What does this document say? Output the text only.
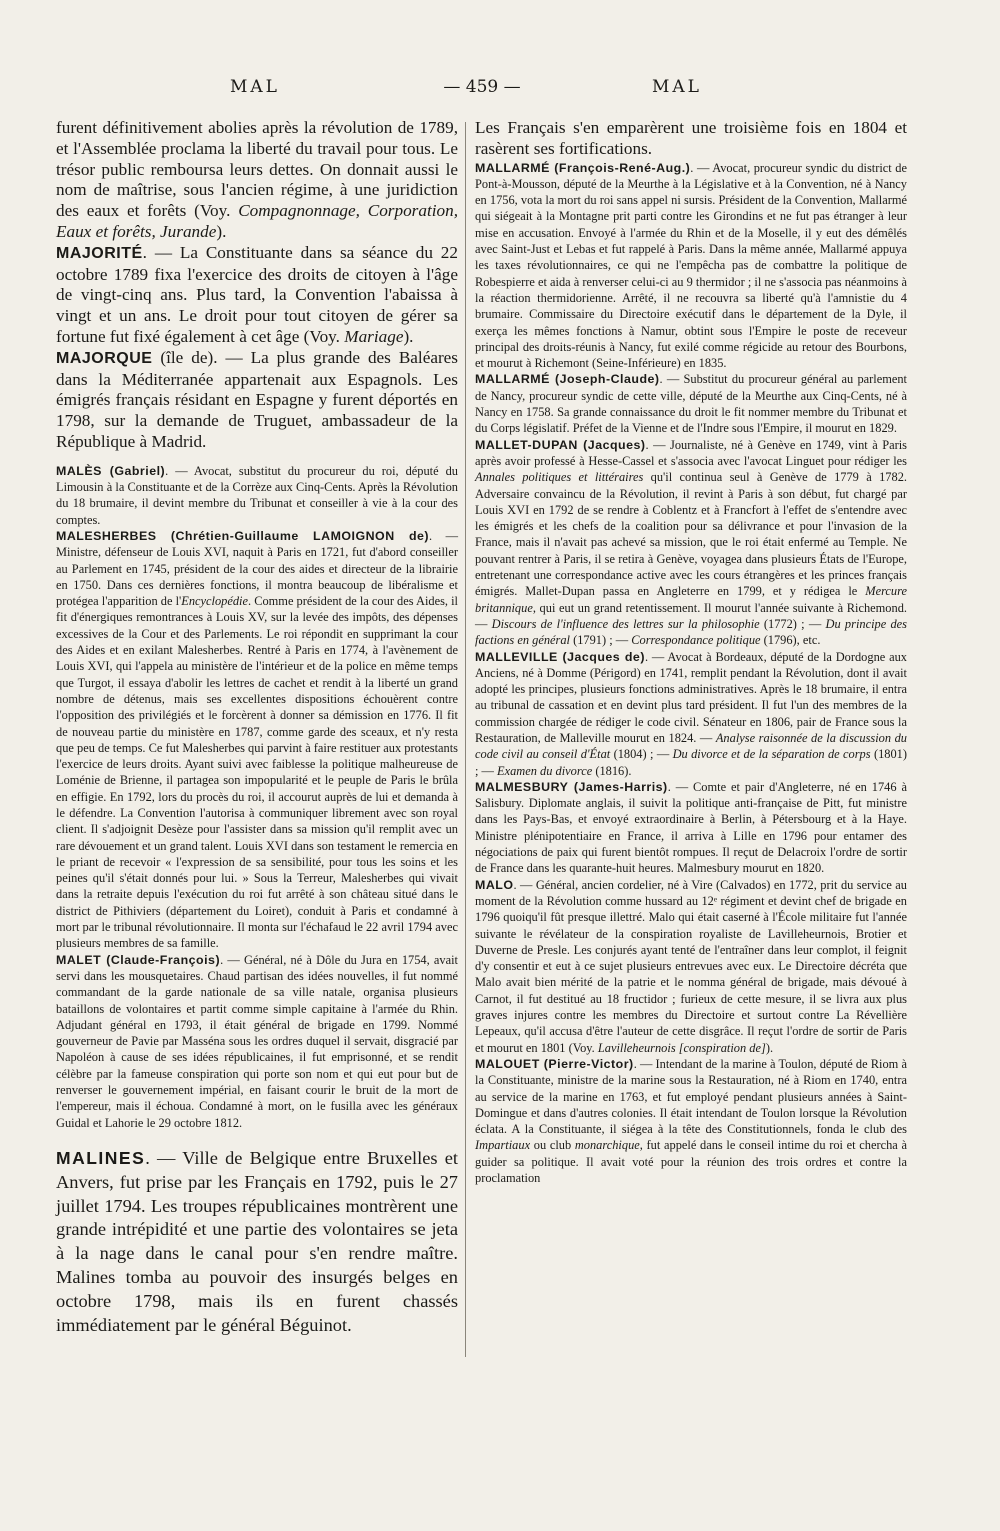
MAL	— 459 —	MAL

furent définitivement abolies après la révolution de 1789, et l'Assemblée proclama la liberté du travail pour tous. Le trésor public remboursa leurs dettes. On donnait aussi le nom de maîtrise, sous l'ancien régime, à une juridiction des eaux et forêts (Voy. Compagnonnage, Corporation, Eaux et forêts, Jurande).

MAJORITÉ. — La Constituante dans sa séance du 22 octobre 1789 fixa l'exercice des droits de citoyen à l'âge de vingt-cinq ans. Plus tard, la Convention l'abaissa à vingt et un ans. Le droit pour tout citoyen de gérer sa fortune fut fixé également à cet âge (Voy. Mariage).

MAJORQUE (île de). — La plus grande des Baléares dans la Méditerranée appartenait aux Espagnols. Les émigrés français résidant en Espagne y furent déportés en 1798, sur la demande de Truguet, ambassadeur de la République à Madrid.

MALÈS (Gabriel). — Avocat, substitut du procureur du roi, député du Limousin à la Constituante et de la Corrèze aux Cinq-Cents. Après la Révolution du 18 brumaire, il devint membre du Tribunat et conseiller à vie à la cour des comptes.

MALESHERBES (Chrétien-Guillaume LAMOIGNON de). — Ministre, défenseur de Louis XVI, naquit à Paris en 1721, fut d'abord conseiller au Parlement en 1745, président de la cour des aides et directeur de la librairie en 1750. Dans ces dernières fonctions, il montra beaucoup de libéralisme et protégea l'apparition de l'Encyclopédie. Comme président de la cour des Aides, il fit d'énergiques remontrances à Louis XV, sur la levée des impôts, des dépenses excessives de la Cour et des Parlements. Le roi répondit en supprimant la cour des Aides et en exilant Malesherbes. Rentré à Paris en 1774, à l'avènement de Louis XVI, qui l'appela au ministère de l'intérieur et de la police en même temps que Turgot, il essaya d'abolir les lettres de cachet et rendit à la liberté un grand nombre de détenus, mais ses excellentes dispositions échouèrent contre l'opposition des privilégiés et le forcèrent à donner sa démission en 1776. Il fit de nouveau partie du ministère en 1787, comme garde des sceaux, et n'y resta que peu de temps. Ce fut Malesherbes qui parvint à faire restituer aux protestants l'exercice de leurs droits. Ayant suivi avec faiblesse la politique malheureuse de Loménie de Brienne, il partagea son impopularité et le peuple de Paris le brûla en effigie. En 1792, lors du procès du roi, il accourut auprès de lui et demanda à le défendre. La Convention l'autorisa à communiquer librement avec son royal client. Il s'adjoignit Desèze pour l'assister dans sa mission qu'il remplit avec un rare dévouement et un grand talent. Louis XVI dans son testament le remercia en le priant de recevoir « l'expression de sa sensibilité, pour tous les soins et les peines qu'il s'était donnés pour lui. » Sous la Terreur, Malesherbes qui vivait dans la retraite depuis l'exécution du roi fut arrêté à son château situé dans le district de Pithiviers (département du Loiret), conduit à Paris et condamné à mort par le tribunal révolutionnaire. Il monta sur l'échafaud le 22 avril 1794 avec plusieurs membres de sa famille.

MALET (Claude-François). — Général, né à Dôle du Jura en 1754, avait servi dans les mousquetaires. Chaud partisan des idées nouvelles, il fut nommé commandant de la garde nationale de sa ville natale, organisa plusieurs bataillons de volontaires et partit comme simple capitaine à l'armée du Rhin. Adjudant général en 1793, il était général de brigade en 1799. Nommé gouverneur de Pavie par Masséna sous les ordres duquel il servait, disgracié par Napoléon à cause de ses idées républicaines, il fut emprisonné, et se rendit célèbre par la fameuse conspiration qui porte son nom et qui eut pour but de renverser le gouvernement impérial, en faisant courir le bruit de la mort de l'empereur, mais il échoua. Condamné à mort, on le fusilla avec les généraux Guidal et Lahorie le 29 octobre 1812.

MALINES. — Ville de Belgique entre Bruxelles et Anvers, fut prise par les Français en 1792, puis le 27 juillet 1794. Les troupes républicaines montrèrent une grande intrépidité et une partie des volontaires se jeta à la nage dans le canal pour s'en rendre maître. Malines tomba au pouvoir des insurgés belges en octobre 1798, mais ils en furent chassés immédiatement par le général Béguinot.

Les Français s'en emparèrent une troisième fois en 1804 et rasèrent ses fortifications.

MALLARMÉ (François-René-Aug.). — Avocat, procureur syndic du district de Pont-à-Mousson, député de la Meurthe à la Législative et à la Convention, né à Nancy en 1756, vota la mort du roi sans appel ni sursis. Président de la Convention, Mallarmé qui siégeait à la Montagne prit parti contre les Girondins et ne fut pas étranger à leur mise en accusation. Envoyé à l'armée du Rhin et de la Moselle, il y eut des démêlés avec Saint-Just et Lebas et fut rappelé à Paris. Dans la même année, Mallarmé appuya les taxes révolutionnaires, ce qui ne l'empêcha pas de combattre la politique de Robespierre et aida à renverser celui-ci au 9 thermidor ; il ne s'associa pas néanmoins à la réaction thermidorienne. Arrêté, il ne recouvra sa liberté qu'à l'amnistie du 4 brumaire. Commissaire du Directoire exécutif dans le département de la Dyle, il exerça les mêmes fonctions à Namur, obtint sous l'Empire le poste de receveur principal des droits-réunis à Nancy, fut exilé comme régicide au retour des Bourbons, et mourut à Richemont (Seine-Inférieure) en 1835.

MALLARMÉ (Joseph-Claude). — Substitut du procureur général au parlement de Nancy, procureur syndic de cette ville, député de la Meurthe aux Cinq-Cents, né à Nancy en 1758. Sa grande connaissance du droit le fit nommer membre du Tribunat et du Corps législatif. Préfet de la Vienne et de l'Indre sous l'Empire, il mourut en 1829.

MALLET-DUPAN (Jacques). — Journaliste, né à Genève en 1749, vint à Paris après avoir professé à Hesse-Cassel et s'associa avec l'avocat Linguet pour rédiger les Annales politiques et littéraires qu'il continua seul à Genève de 1779 à 1782. Adversaire convaincu de la Révolution, il revint à Paris à son début, fut chargé par Louis XVI en 1792 de se rendre à Coblentz et à Francfort à l'effet de s'entendre avec les émigrés et les chefs de la coalition pour sa délivrance et pour l'invasion de la France, mais il n'avait pas achevé sa mission, que le roi était enfermé au Temple. Ne pouvant rentrer à Paris, il se retira à Genève, voyagea dans plusieurs États de l'Europe, entretenant une correspondance active avec les cours étrangères et les princes français émigrés. Mallet-Dupan passa en Angleterre en 1799, et y rédigea le Mercure britannique, qui eut un grand retentissement. Il mourut l'année suivante à Richemond. — Discours de l'influence des lettres sur la philosophie (1772) ; — Du principe des factions en général (1791) ; — Correspondance politique (1796), etc.

MALLEVILLE (Jacques de). — Avocat à Bordeaux, député de la Dordogne aux Anciens, né à Domme (Périgord) en 1741, remplit pendant la Révolution, dont il avait adopté les principes, plusieurs fonctions administratives. Après le 18 brumaire, il entra au tribunal de cassation et en devint plus tard président. Il fut l'un des membres de la commission chargée de rédiger le code civil. Sénateur en 1806, pair de France sous la Restauration, de Malleville mourut en 1824. — Analyse raisonnée de la discussion du code civil au conseil d'État (1804) ; — Du divorce et de la séparation de corps (1801) ; — Examen du divorce (1816).

MALMESBURY (James-Harris). — Comte et pair d'Angleterre, né en 1746 à Salisbury. Diplomate anglais, il suivit la politique anti-française de Pitt, fut ministre dans les Pays-Bas, et envoyé extraordinaire à Berlin, à Pétersbourg et à la Haye. Ministre plénipotentiaire en France, il arriva à Lille en 1796 pour entamer des négociations de paix qui furent bientôt rompues. Il reçut de Delacroix l'ordre de sortir de France dans les quarante-huit heures. Malmesbury mourut en 1820.

MALO. — Général, ancien cordelier, né à Vire (Calvados) en 1772, prit du service au moment de la Révolution comme hussard au 12ᵉ régiment et devint chef de brigade en 1796 quoiqu'il fût presque illettré. Malo qui était caserné à l'École militaire fut l'année suivante le révélateur de la conspiration royaliste de Lavilleheurnois, Brotier et Duverne de Presle. Les conjurés ayant tenté de l'entraîner dans leur complot, il feignit d'y consentir et eut à ce sujet plusieurs entrevues avec eux. Le Directoire décréta que Malo avait bien mérité de la patrie et le nomma général de brigade, mais dévoué à Carnot, il fut destitué au 18 fructidor ; furieux de cette mesure, il se livra aux plus graves injures contre les membres du Directoire et surtout contre La Révellière Lepeaux, qu'il accusa d'être l'auteur de cette disgrâce. Il reçut l'ordre de sortir de Paris et mourut en 1801 (Voy. Lavilleheurnois [conspiration de]).

MALOUET (Pierre-Victor). — Intendant de la marine à Toulon, député de Riom à la Constituante, ministre de la marine sous la Restauration, né à Riom en 1740, entra au service de la marine en 1763, et fut employé pendant plusieurs années à Saint-Domingue et dans d'autres colonies. Il était intendant de Toulon lorsque la Révolution éclata. A la Constituante, il siégea à la tête des Constitutionnels, fonda le club des Impartiaux ou club monarchique, fut appelé dans le conseil intime du roi et chercha à guider sa politique. Il avait voté pour la réunion des trois ordres et contre la proclamation
